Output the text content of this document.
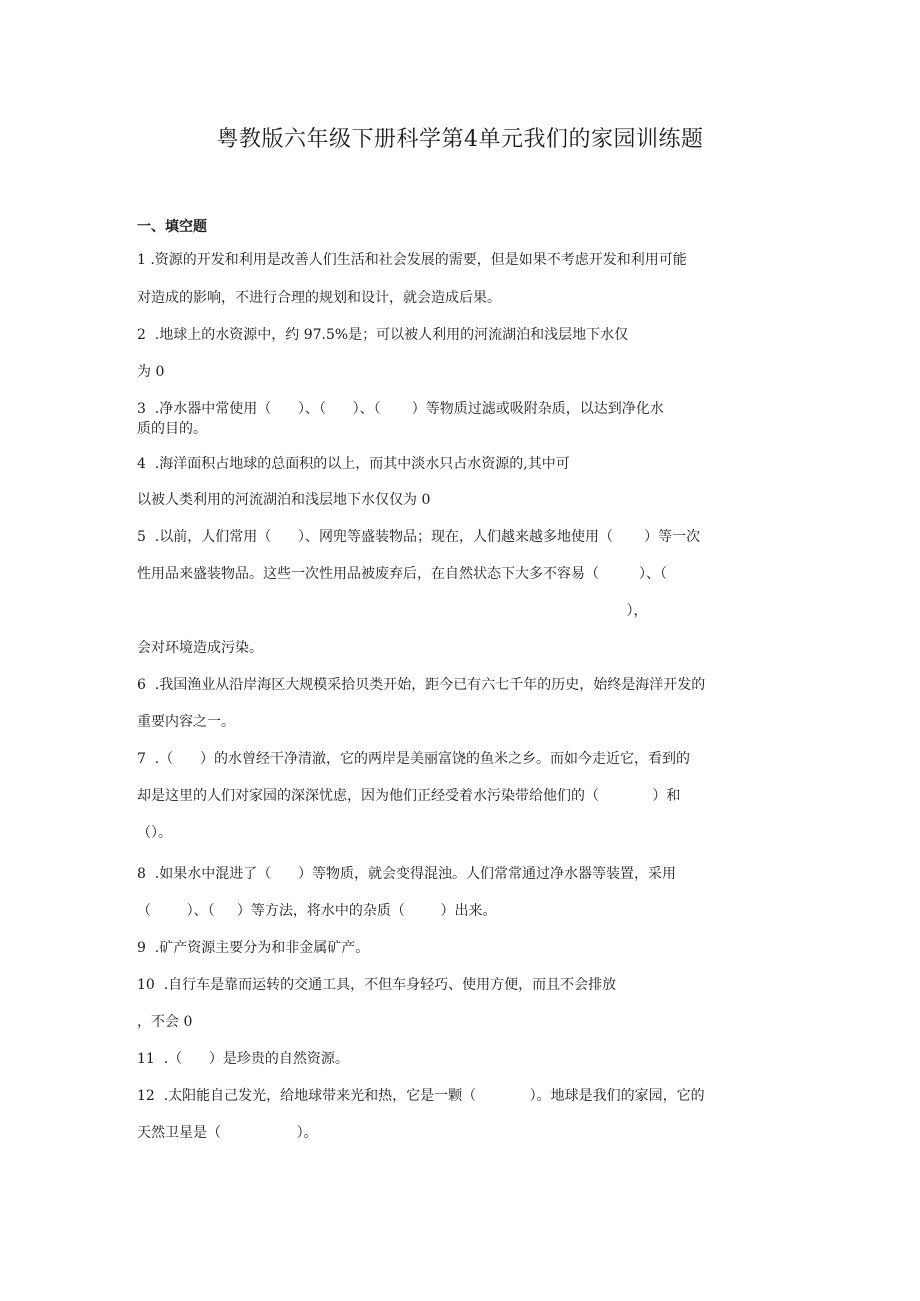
粤教版六年级下册科学第4单元我们的家园训练题
一、填空题
1 .资源的开发和利用是改善人们生活和社会发展的需要，但是如果不考虑开发和利用可能
对造成的影响，不进行合理的规划和设计，就会造成后果。
2  .地球上的水资源中，约 97.5%是；可以被人利用的河流湖泊和浅层地下水仅
为 0
3  .净水器中常使用（      ）、（      ）、（       ）等物质过滤或吸附杂质，以达到净化水
质的目的。
4  .海洋面积占地球的总面积的以上，而其中淡水只占水资源的,其中可
以被人类利用的河流湖泊和浅层地下水仅仅为 0
5  .以前，人们常用（      ）、网兜等盛装物品；现在，人们越来越多地使用（       ）等一次
性用品来盛装物品。这些一次性用品被废弃后，在自然状态下大多不容易（         ）、（
），
会对环境造成污染。
6  .我国渔业从沿岸海区大规模采拾贝类开始，距今已有六七千年的历史，始终是海洋开发的
重要内容之一。
7  .（      ）的水曾经干净清澈，它的两岸是美丽富饶的鱼米之乡。而如今走近它，看到的
却是这里的人们对家园的深深忧虑，因为他们正经受着水污染带给他们的（            ）和
（）。
8  .如果水中混进了（      ）等物质，就会变得混浊。人们常常通过净水器等装置，采用
（        ）、（     ）等方法，将水中的杂质（        ）出来。
9  .矿产资源主要分为和非金属矿产。
10  .自行车是靠而运转的交通工具，不但车身轻巧、使用方便，而且不会排放
，不会 0
11  .（      ）是珍贵的自然资源。
12  .太阳能自己发光，给地球带来光和热，它是一颗（            ）。地球是我们的家园，它的
天然卫星是（                 ）。
